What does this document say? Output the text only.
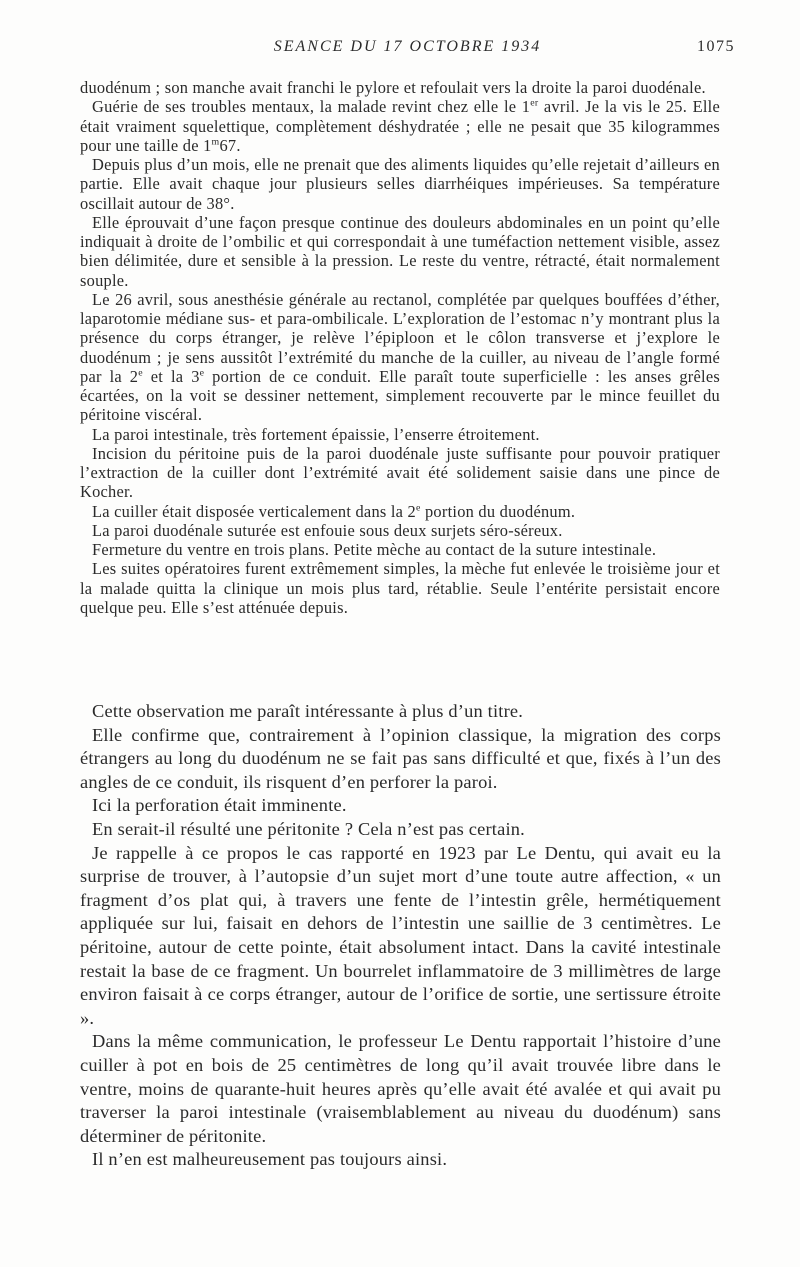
SEANCE DU 17 OCTOBRE 1934	1075

duodénum ; son manche avait franchi le pylore et refoulait vers la droite la paroi duodénale.

Guérie de ses troubles mentaux, la malade revint chez elle le 1er avril. Je la vis le 25. Elle était vraiment squelettique, complètement déshydratée ; elle ne pesait que 35 kilogrammes pour une taille de 1$^m$67.

Depuis plus d’un mois, elle ne prenait que des aliments liquides qu’elle rejetait d’ailleurs en partie. Elle avait chaque jour plusieurs selles diarrhéiques impérieuses. Sa température oscillait autour de 38°.

Elle éprouvait d’une façon presque continue des douleurs abdominales en un point qu’elle indiquait à droite de l’ombilic et qui correspondait à une tuméfaction nettement visible, assez bien délimitée, dure et sensible à la pression. Le reste du ventre, rétracté, était normalement souple.

Le 26 avril, sous anesthésie générale au rectanol, complétée par quelques bouffées d’éther, laparotomie médiane sus- et para-ombilicale. L’exploration de l’estomac n’y montrant plus la présence du corps étranger, je relève l’épiploon et le côlon transverse et j’explore le duodénum ; je sens aussitôt l’extrémité du manche de la cuiller, au niveau de l’angle formé par la 2e et la 3e portion de ce conduit. Elle paraît toute superficielle : les anses grêles écartées, on la voit se dessiner nettement, simplement recouverte par le mince feuillet du péritoine viscéral.

La paroi intestinale, très fortement épaissie, l’enserre étroitement.

Incision du péritoine puis de la paroi duodénale juste suffisante pour pouvoir pratiquer l’extraction de la cuiller dont l’extrémité avait été solidement saisie dans une pince de Kocher.

La cuiller était disposée verticalement dans la 2e portion du duodénum.

La paroi duodénale suturée est enfouie sous deux surjets séro-séreux.

Fermeture du ventre en trois plans. Petite mèche au contact de la suture intestinale.

Les suites opératoires furent extrêmement simples, la mèche fut enlevée le troisième jour et la malade quitta la clinique un mois plus tard, rétablie. Seule l’entérite persistait encore quelque peu. Elle s’est atténuée depuis.

Cette observation me paraît intéressante à plus d’un titre.

Elle confirme que, contrairement à l’opinion classique, la migration des corps étrangers au long du duodénum ne se fait pas sans difficulté et que, fixés à l’un des angles de ce conduit, ils risquent d’en perforer la paroi.

Ici la perforation était imminente.

En serait-il résulté une péritonite ? Cela n’est pas certain.

Je rappelle à ce propos le cas rapporté en 1923 par Le Dentu, qui avait eu la surprise de trouver, à l’autopsie d’un sujet mort d’une toute autre affection, « un fragment d’os plat qui, à travers une fente de l’intestin grêle, hermétiquement appliquée sur lui, faisait en dehors de l’intestin une saillie de 3 centimètres. Le péritoine, autour de cette pointe, était absolument intact. Dans la cavité intestinale restait la base de ce fragment. Un bourrelet inflammatoire de 3 millimètres de large environ faisait à ce corps étranger, autour de l’orifice de sortie, une sertissure étroite ».

Dans la même communication, le professeur Le Dentu rapportait l’histoire d’une cuiller à pot en bois de 25 centimètres de long qu’il avait trouvée libre dans le ventre, moins de quarante-huit heures après qu’elle avait été avalée et qui avait pu traverser la paroi intestinale (vraisemblablement au niveau du duodénum) sans déterminer de péritonite.

Il n’en est malheureusement pas toujours ainsi.
